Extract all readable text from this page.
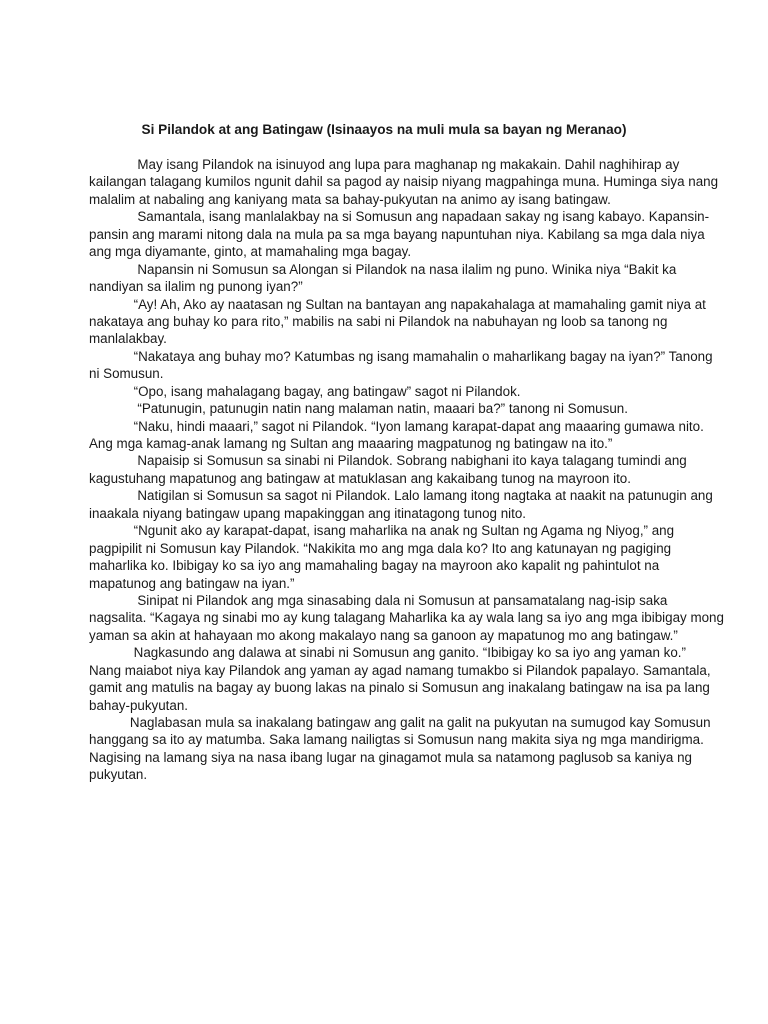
Si Pilandok at ang Batingaw (Isinaayos na muli mula sa bayan ng Meranao)
May isang Pilandok na isinuyod ang lupa para maghanap ng makakain. Dahil naghihirap ay
kailangan talagang kumilos ngunit dahil sa pagod ay naisip niyang magpahinga muna. Huminga siya nang
malalim at nabaling ang kaniyang mata sa bahay-pukyutan na animo ay isang batingaw.
Samantala, isang manlalakbay na si Somusun ang napadaan sakay ng isang kabayo. Kapansin-
pansin ang marami nitong dala na mula pa sa mga bayang napuntuhan niya. Kabilang sa mga dala niya
ang mga diyamante, ginto, at mamahaling mga bagay.
Napansin ni Somusun sa Alongan si Pilandok na nasa ilalim ng puno. Winika niya “Bakit ka
nandiyan sa ilalim ng punong iyan?”
“Ay! Ah, Ako ay naatasan ng Sultan na bantayan ang napakahalaga at mamahaling gamit niya at
nakataya ang buhay ko para rito,” mabilis na sabi ni Pilandok na nabuhayan ng loob sa tanong ng
manlalakbay.
“Nakataya ang buhay mo? Katumbas ng isang mamahalin o maharlikang bagay na iyan?” Tanong
ni Somusun.
“Opo, isang mahalagang bagay, ang batingaw” sagot ni Pilandok.
“Patunugin, patunugin natin nang malaman natin, maaari ba?” tanong ni Somusun.
“Naku, hindi maaari,” sagot ni Pilandok. “Iyon lamang karapat-dapat ang maaaring gumawa nito.
Ang mga kamag-anak lamang ng Sultan ang maaaring magpatunog ng batingaw na ito.”
Napaisip si Somusun sa sinabi ni Pilandok. Sobrang nabighani ito kaya talagang tumindi ang
kagustuhang mapatunog ang batingaw at matuklasan ang kakaibang tunog na mayroon ito.
Natigilan si Somusun sa sagot ni Pilandok. Lalo lamang itong nagtaka at naakit na patunugin ang
inaakala niyang batingaw upang mapakinggan ang itinatagong tunog nito.
“Ngunit ako ay karapat-dapat, isang maharlika na anak ng Sultan ng Agama ng Niyog,” ang
pagpipilit ni Somusun kay Pilandok. “Nakikita mo ang mga dala ko? Ito ang katunayan ng pagiging
maharlika ko. Ibibigay ko sa iyo ang mamahaling bagay na mayroon ako kapalit ng pahintulot na
mapatunog ang batingaw na iyan.”
Sinipat ni Pilandok ang mga sinasabing dala ni Somusun at pansamatalang nag-isip saka
nagsalita. “Kagaya ng sinabi mo ay kung talagang Maharlika ka ay wala lang sa iyo ang mga ibibigay mong
yaman sa akin at hahayaan mo akong makalayo nang sa ganoon ay mapatunog mo ang batingaw.”
Nagkasundo ang dalawa at sinabi ni Somusun ang ganito. “Ibibigay ko sa iyo ang yaman ko.”
Nang maiabot niya kay Pilandok ang yaman ay agad namang tumakbo si Pilandok papalayo. Samantala,
gamit ang matulis na bagay ay buong lakas na pinalo si Somusun ang inakalang batingaw na isa pa lang
bahay-pukyutan.
Naglabasan mula sa inakalang batingaw ang galit na galit na pukyutan na sumugod kay Somusun
hanggang sa ito ay matumba. Saka lamang nailigtas si Somusun nang makita siya ng mga mandirigma.
Nagising na lamang siya na nasa ibang lugar na ginagamot mula sa natamong paglusob sa kaniya ng
pukyutan.
